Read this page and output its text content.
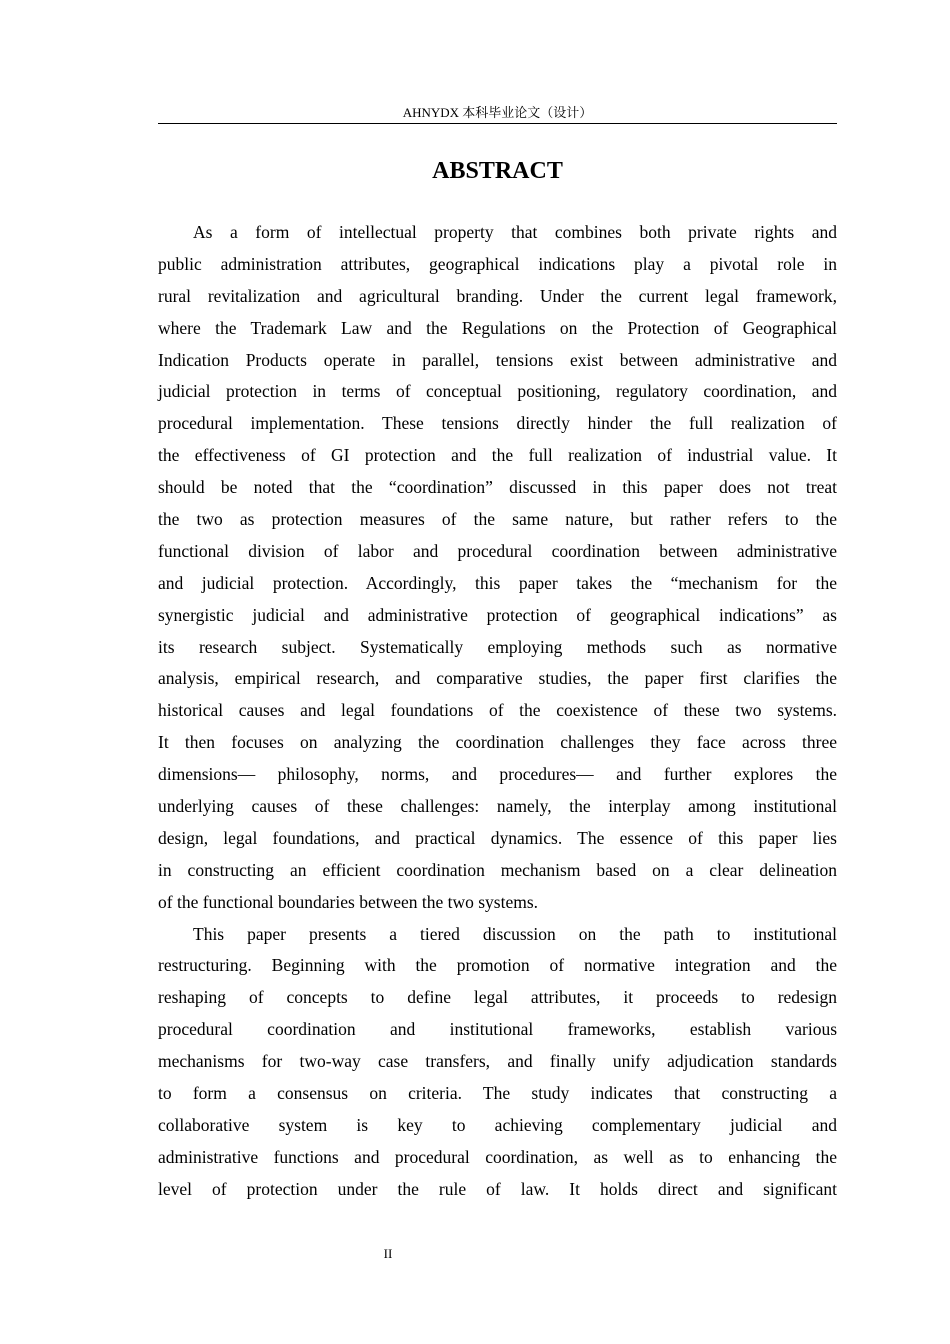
AHNYDX 本科毕业论文（设计）
ABSTRACT
As a form of intellectual property that combines both private rights and
public administration attributes, geographical indications play a pivotal role in
rural revitalization and agricultural branding. Under the current legal framework,
where the Trademark Law and the Regulations on the Protection of Geographical
Indication Products operate in parallel, tensions exist between administrative and
judicial protection in terms of conceptual positioning, regulatory coordination, and
procedural implementation. These tensions directly hinder the full realization of
the effectiveness of GI protection and the full realization of industrial value. It
should be noted that the “coordination” discussed in this paper does not treat
the two as protection measures of the same nature, but rather refers to the
functional division of labor and procedural coordination between administrative
and judicial protection. Accordingly, this paper takes the “mechanism for the
synergistic judicial and administrative protection of geographical indications” as
its research subject. Systematically employing methods such as normative
analysis, empirical research, and comparative studies, the paper first clarifies the
historical causes and legal foundations of the coexistence of these two systems.
It then focuses on analyzing the coordination challenges they face across three
dimensions— philosophy, norms, and procedures— and further explores the
underlying causes of these challenges: namely, the interplay among institutional
design, legal foundations, and practical dynamics. The essence of this paper lies
in constructing an efficient coordination mechanism based on a clear delineation
of the functional boundaries between the two systems.
This paper presents a tiered discussion on the path to institutional
restructuring. Beginning with the promotion of normative integration and the
reshaping of concepts to define legal attributes, it proceeds to redesign
procedural coordination and institutional frameworks, establish various
mechanisms for two-way case transfers, and finally unify adjudication standards
to form a consensus on criteria. The study indicates that constructing a
collaborative system is key to achieving complementary judicial and
administrative functions and procedural coordination, as well as to enhancing the
level of protection under the rule of law. It holds direct and significant
II
